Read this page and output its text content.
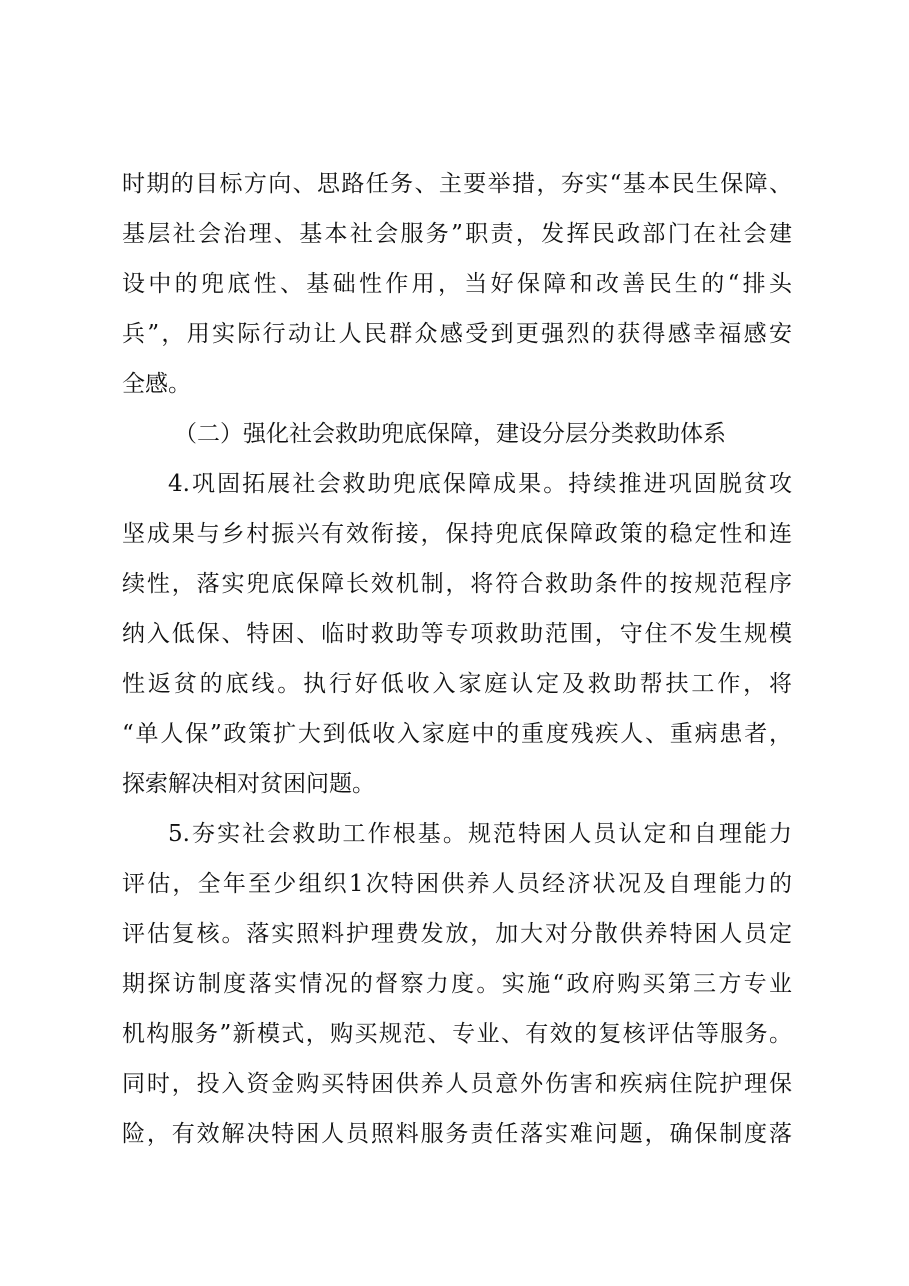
时期的目标方向、思路任务、主要举措，夯实“基本民生保障、
基层社会治理、基本社会服务”职责，发挥民政部门在社会建
设中的兜底性、基础性作用，当好保障和改善民生的“排头
兵”，用实际行动让人民群众感受到更强烈的获得感幸福感安
全感。
（二）强化社会救助兜底保障，建设分层分类救助体系
4.巩固拓展社会救助兜底保障成果。持续推进巩固脱贫攻
坚成果与乡村振兴有效衔接，保持兜底保障政策的稳定性和连
续性，落实兜底保障长效机制，将符合救助条件的按规范程序
纳入低保、特困、临时救助等专项救助范围，守住不发生规模
性返贫的底线。执行好低收入家庭认定及救助帮扶工作，将
“单人保”政策扩大到低收入家庭中的重度残疾人、重病患者，
探索解决相对贫困问题。
5.夯实社会救助工作根基。规范特困人员认定和自理能力
评估，全年至少组织1次特困供养人员经济状况及自理能力的
评估复核。落实照料护理费发放，加大对分散供养特困人员定
期探访制度落实情况的督察力度。实施“政府购买第三方专业
机构服务”新模式，购买规范、专业、有效的复核评估等服务。
同时，投入资金购买特困供养人员意外伤害和疾病住院护理保
险，有效解决特困人员照料服务责任落实难问题，确保制度落
